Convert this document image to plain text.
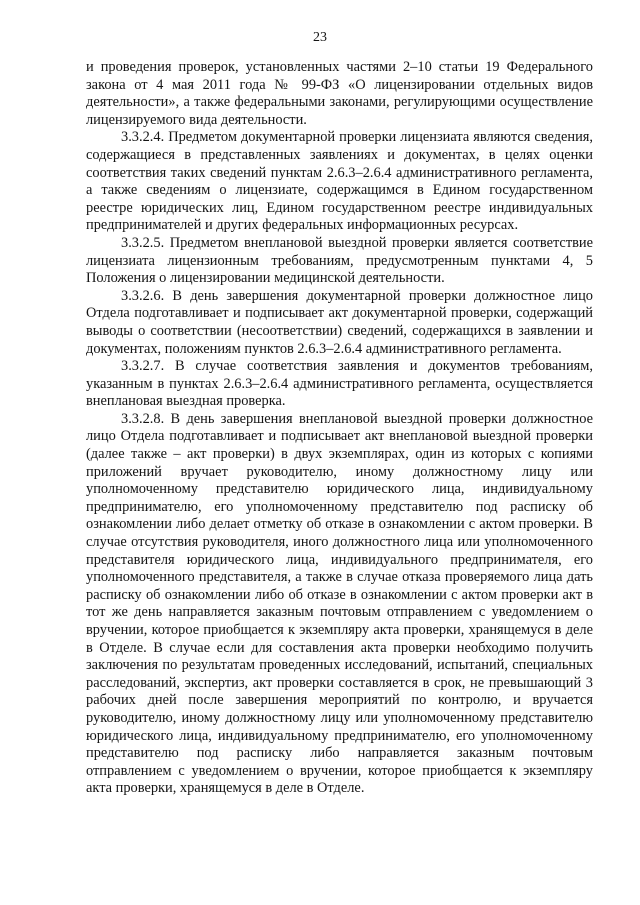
23

и проведения проверок, установленных частями 2–10 статьи 19 Федерального закона от 4 мая 2011 года № 99-ФЗ «О лицензировании отдельных видов деятельности», а также федеральными законами, регулирующими осуществление лицензируемого вида деятельности.

3.3.2.4. Предметом документарной проверки лицензиата являются сведения, содержащиеся в представленных заявлениях и документах, в целях оценки соответствия таких сведений пунктам 2.6.3–2.6.4 административного регламента, а также сведениям о лицензиате, содержащимся в Едином государственном реестре юридических лиц, Едином государственном реестре индивидуальных предпринимателей и других федеральных информационных ресурсах.

3.3.2.5. Предметом внеплановой выездной проверки является соответствие лицензиата лицензионным требованиям, предусмотренным пунктами 4, 5 Положения о лицензировании медицинской деятельности.

3.3.2.6. В день завершения документарной проверки должностное лицо Отдела подготавливает и подписывает акт документарной проверки, содержащий выводы о соответствии (несоответствии) сведений, содержащихся в заявлении и документах, положениям пунктов 2.6.3–2.6.4 административного регламента.

3.3.2.7. В случае соответствия заявления и документов требованиям, указанным в пунктах 2.6.3–2.6.4 административного регламента, осуществляется внеплановая выездная проверка.

3.3.2.8. В день завершения внеплановой выездной проверки должностное лицо Отдела подготавливает и подписывает акт внеплановой выездной проверки (далее также – акт проверки) в двух экземплярах, один из которых с копиями приложений вручает руководителю, иному должностному лицу или уполномоченному представителю юридического лица, индивидуальному предпринимателю, его уполномоченному представителю под расписку об ознакомлении либо делает отметку об отказе в ознакомлении с актом проверки. В случае отсутствия руководителя, иного должностного лица или уполномоченного представителя юридического лица, индивидуального предпринимателя, его уполномоченного представителя, а также в случае отказа проверяемого лица дать расписку об ознакомлении либо об отказе в ознакомлении с актом проверки акт в тот же день направляется заказным почтовым отправлением с уведомлением о вручении, которое приобщается к экземпляру акта проверки, хранящемуся в деле в Отделе. В случае если для составления акта проверки необходимо получить заключения по результатам проведенных исследований, испытаний, специальных расследований, экспертиз, акт проверки составляется в срок, не превышающий 3 рабочих дней после завершения мероприятий по контролю, и вручается руководителю, иному должностному лицу или уполномоченному представителю юридического лица, индивидуальному предпринимателю, его уполномоченному представителю под расписку либо направляется заказным почтовым отправлением с уведомлением о вручении, которое приобщается к экземпляру акта проверки, хранящемуся в деле в Отделе.
